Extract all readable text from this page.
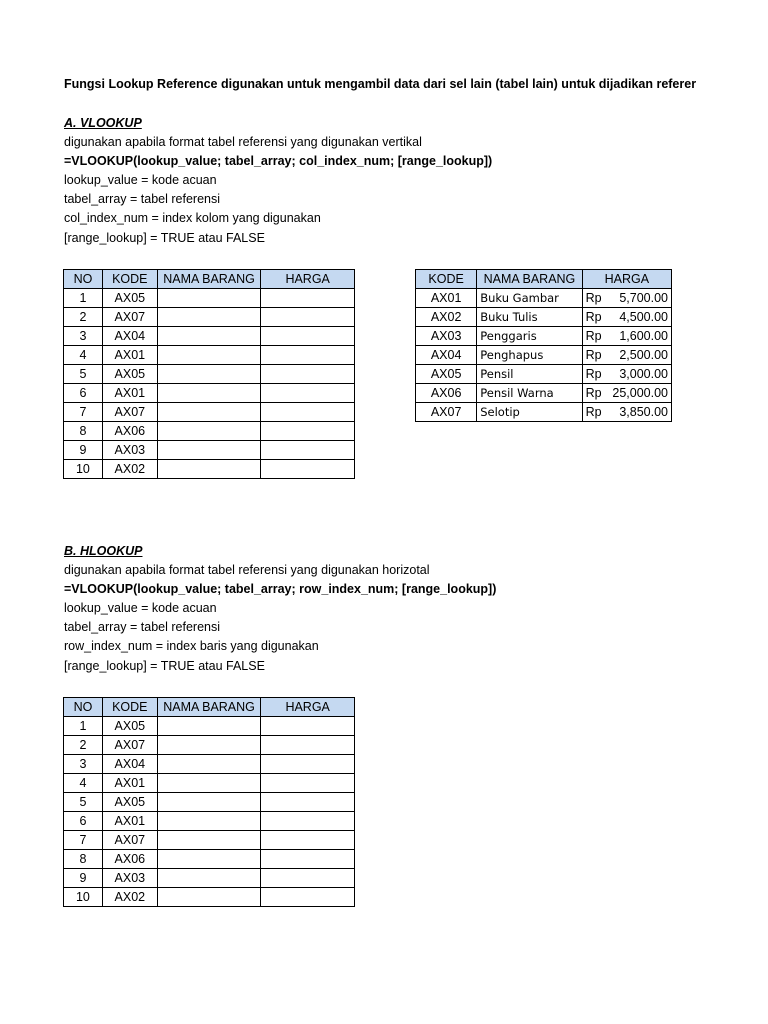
Fungsi Lookup Reference digunakan untuk mengambil data dari sel lain (tabel lain) untuk dijadikan referer
A. VLOOKUP
digunakan apabila format tabel referensi yang digunakan vertikal
=VLOOKUP(lookup_value; tabel_array; col_index_num; [range_lookup])
lookup_value = kode acuan
tabel_array = tabel referensi
col_index_num = index kolom yang digunakan
[range_lookup] = TRUE atau FALSE
NO	KODE	NAMA BARANG	HARGA
1	AX05		
2	AX07		
3	AX04		
4	AX01		
5	AX05		
6	AX01		
7	AX07		
8	AX06		
9	AX03		
10	AX02		
KODE	NAMA BARANG	HARGA
AX01	Buku Gambar	Rp 5,700.00

AX02	Buku Tulis	Rp 4,500.00

AX03	Penggaris	Rp 1,600.00

AX04	Penghapus	Rp 2,500.00

AX05	Pensil	Rp 3,000.00

AX06	Pensil Warna	Rp 25,000.00

AX07	Selotip	Rp 3,850.00
B. HLOOKUP
digunakan apabila format tabel referensi yang digunakan horizotal
=VLOOKUP(lookup_value; tabel_array; row_index_num; [range_lookup])
lookup_value = kode acuan
tabel_array = tabel referensi
row_index_num = index baris yang digunakan
[range_lookup] = TRUE atau FALSE
NO	KODE	NAMA BARANG	HARGA
1	AX05		
2	AX07		
3	AX04		
4	AX01		
5	AX05		
6	AX01		
7	AX07		
8	AX06		
9	AX03		
10	AX02		
